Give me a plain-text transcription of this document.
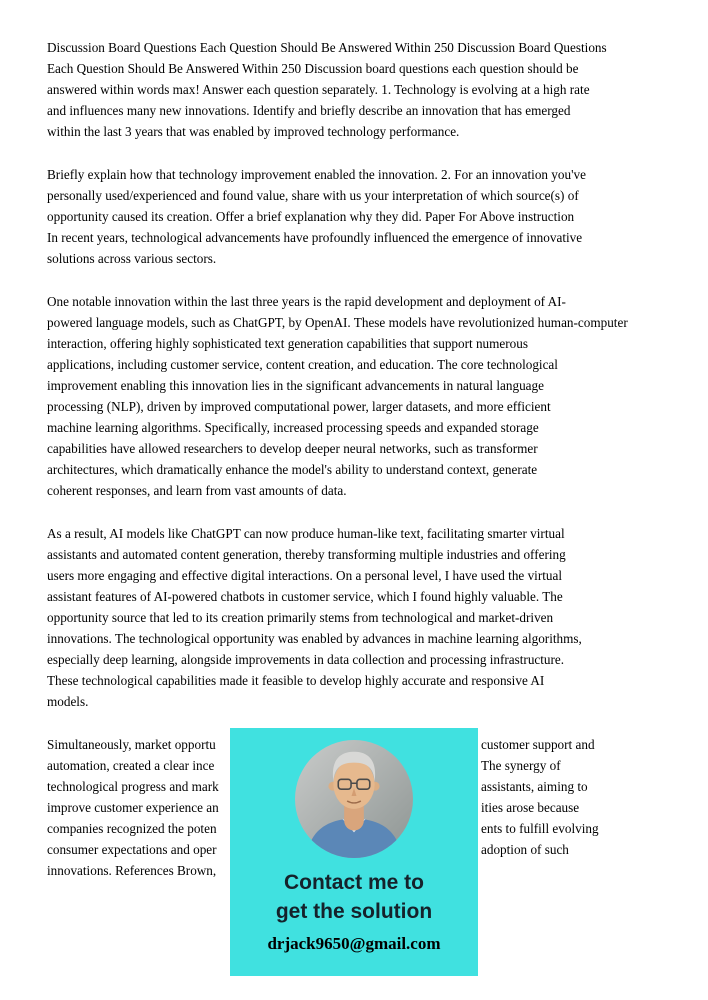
Discussion Board Questions Each Question Should Be Answered Within 250 Discussion Board Questions
Each Question Should Be Answered Within 250 Discussion board questions each question should be
answered within words max! Answer each question separately. 1. Technology is evolving at a high rate
and influences many new innovations. Identify and briefly describe an innovation that has emerged
within the last 3 years that was enabled by improved technology performance.
Briefly explain how that technology improvement enabled the innovation. 2. For an innovation you've
personally used/experienced and found value, share with us your interpretation of which source(s) of
opportunity caused its creation. Offer a brief explanation why they did. Paper For Above instruction
In recent years, technological advancements have profoundly influenced the emergence of innovative
solutions across various sectors.
One notable innovation within the last three years is the rapid development and deployment of AI-
powered language models, such as ChatGPT, by OpenAI. These models have revolutionized human-computer
interaction, offering highly sophisticated text generation capabilities that support numerous
applications, including customer service, content creation, and education. The core technological
improvement enabling this innovation lies in the significant advancements in natural language
processing (NLP), driven by improved computational power, larger datasets, and more efficient
machine learning algorithms. Specifically, increased processing speeds and expanded storage
capabilities have allowed researchers to develop deeper neural networks, such as transformer
architectures, which dramatically enhance the model's ability to understand context, generate
coherent responses, and learn from vast amounts of data.
As a result, AI models like ChatGPT can now produce human-like text, facilitating smarter virtual
assistants and automated content generation, thereby transforming multiple industries and offering
users more engaging and effective digital interactions. On a personal level, I have used the virtual
assistant features of AI-powered chatbots in customer service, which I found highly valuable. The
opportunity source that led to its creation primarily stems from technological and market-driven
innovations. The technological opportunity was enabled by advances in machine learning algorithms,
especially deep learning, alongside improvements in data collection and processing infrastructure.
These technological capabilities made it feasible to develop highly accurate and responsive AI
models.
Simultaneously, market opportu	customer support and
automation, created a clear ince	The synergy of
technological progress and mark	assistants, aiming to
improve customer experience an	ities arose because
companies recognized the poten	ents to fulfill evolving
consumer expectations and oper	adoption of such
innovations. References Brown,
Contact me to
get the solution
drjack9650@gmail.com
